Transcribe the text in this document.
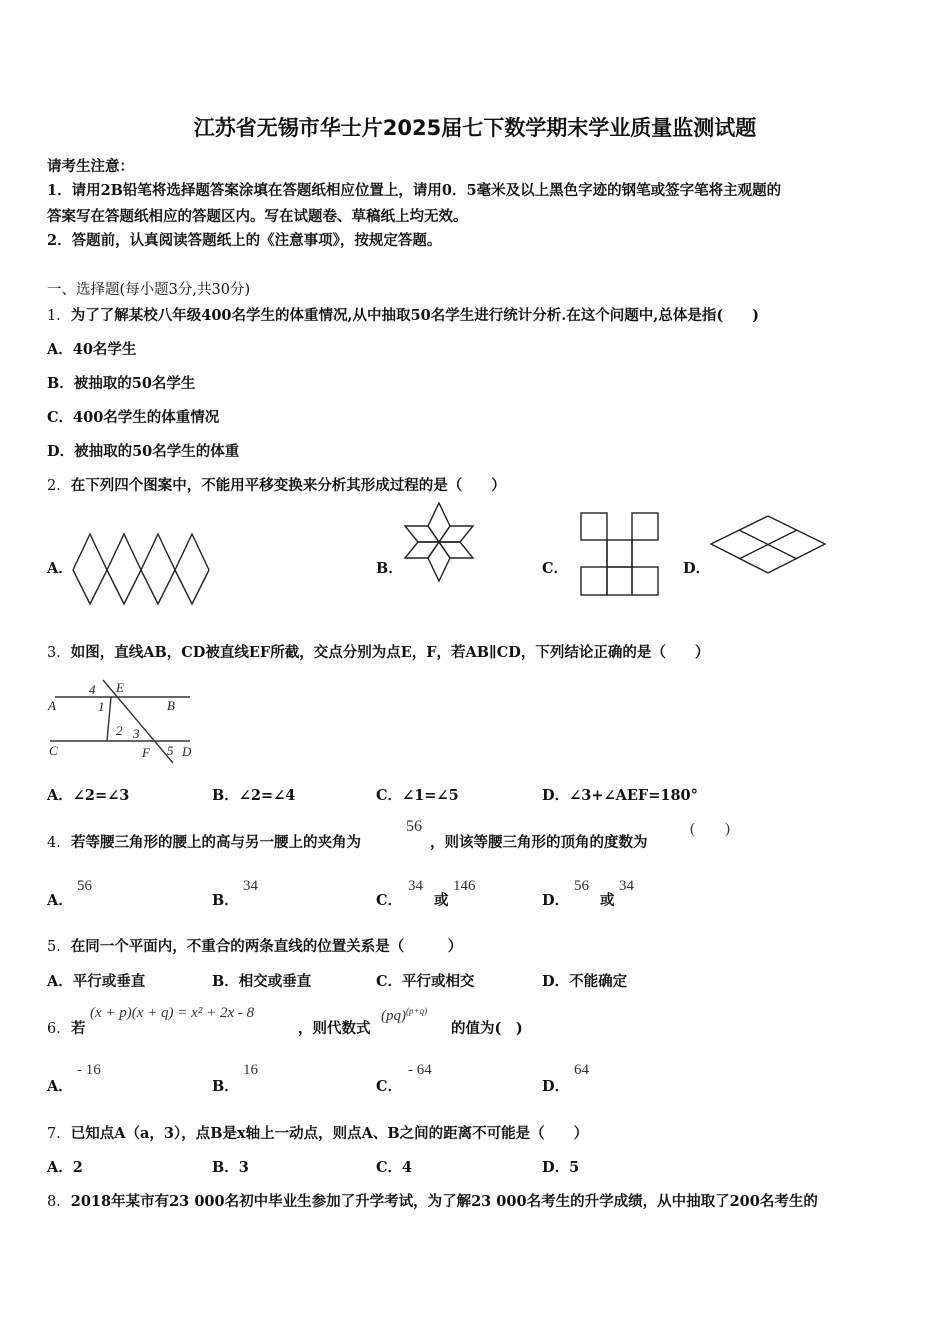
江苏省无锡市华士片2025届七下数学期末学业质量监测试题
请考生注意：
1．请用2B铅笔将选择题答案涂填在答题纸相应位置上，请用0．5毫米及以上黑色字迹的钢笔或签字笔将主观题的
答案写在答题纸相应的答题区内。写在试题卷、草稿纸上均无效。
2．答题前，认真阅读答题纸上的《注意事项》，按规定答题。
一、选择题(每小题3分,共30分)
1．为了了解某校八年级400名学生的体重情况,从中抽取50名学生进行统计分析.在这个问题中,总体是指(　　)
A．40名学生
B．被抽取的50名学生
C．400名学生的体重情况
D．被抽取的50名学生的体重
2．在下列四个图案中，不能用平移变换来分析其形成过程的是（　　）
A．	B．	C．	D．
3．如图，直线AB，CD被直线EF所截，交点分别为点E，F，若AB∥CD，下列结论正确的是（　　）
4 E
A	1	B
2 3
C	F 5 D
A．∠2=∠3	B．∠2=∠4	C．∠1=∠5	D．∠3+∠AEF=180°
4． 若等腰三角形的腰上的高与另一腰上的夹角为
56
，则该等腰三角形的顶角的度数为
(　　)
A．
56
B．
34
C．
34
或
146
D．
56
或
34
5．在同一个平面内，不重合的两条直线的位置关系是（　　　）
A．平行或垂直	B．相交或垂直	C．平行或相交	D．不能确定
6． 若
(x + p)(x + q) = x² + 2x - 8
，则代数式
(pq)$^{(p+q)}$
的值为(　)
A．
- 16
B．
16
C．
- 64
D．
64
7．已知点A（a，3），点B是x轴上一动点，则点A、B之间的距离不可能是（　　）
A．2	B．3	C．4	D．5
8．2018年某市有23 000名初中毕业生参加了升学考试，为了解23 000名考生的升学成绩，从中抽取了200名考生的
